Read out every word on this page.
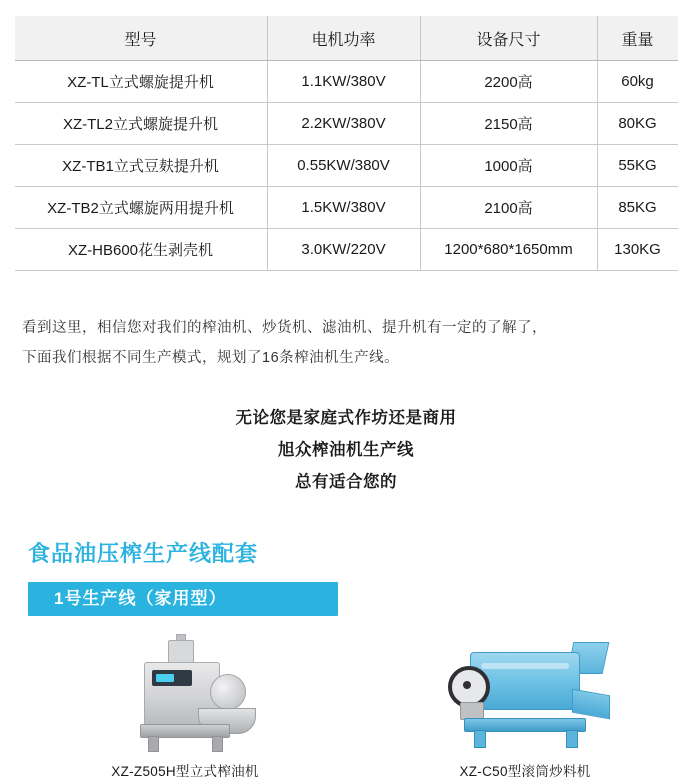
型号	电机功率	设备尺寸	重量
XZ-TL立式螺旋提升机	1.1KW/380V	2200高	60kg
XZ-TL2立式螺旋提升机	2.2KW/380V	2150高	80KG
XZ-TB1立式豆麸提升机	0.55KW/380V	1000高	55KG
XZ-TB2立式螺旋两用提升机	1.5KW/380V	2100高	85KG
XZ-HB600花生剥壳机	3.0KW/220V	1200*680*1650mm	130KG
看到这里，相信您对我们的榨油机、炒货机、滤油机、提升机有一定的了解了，
下面我们根据不同生产模式，规划了16条榨油机生产线。
无论您是家庭式作坊还是商用
旭众榨油机生产线
总有适合您的
食品油压榨生产线配套
1号生产线（家用型）
XZ-Z505H型立式榨油机	XZ-C50型滚筒炒料机
